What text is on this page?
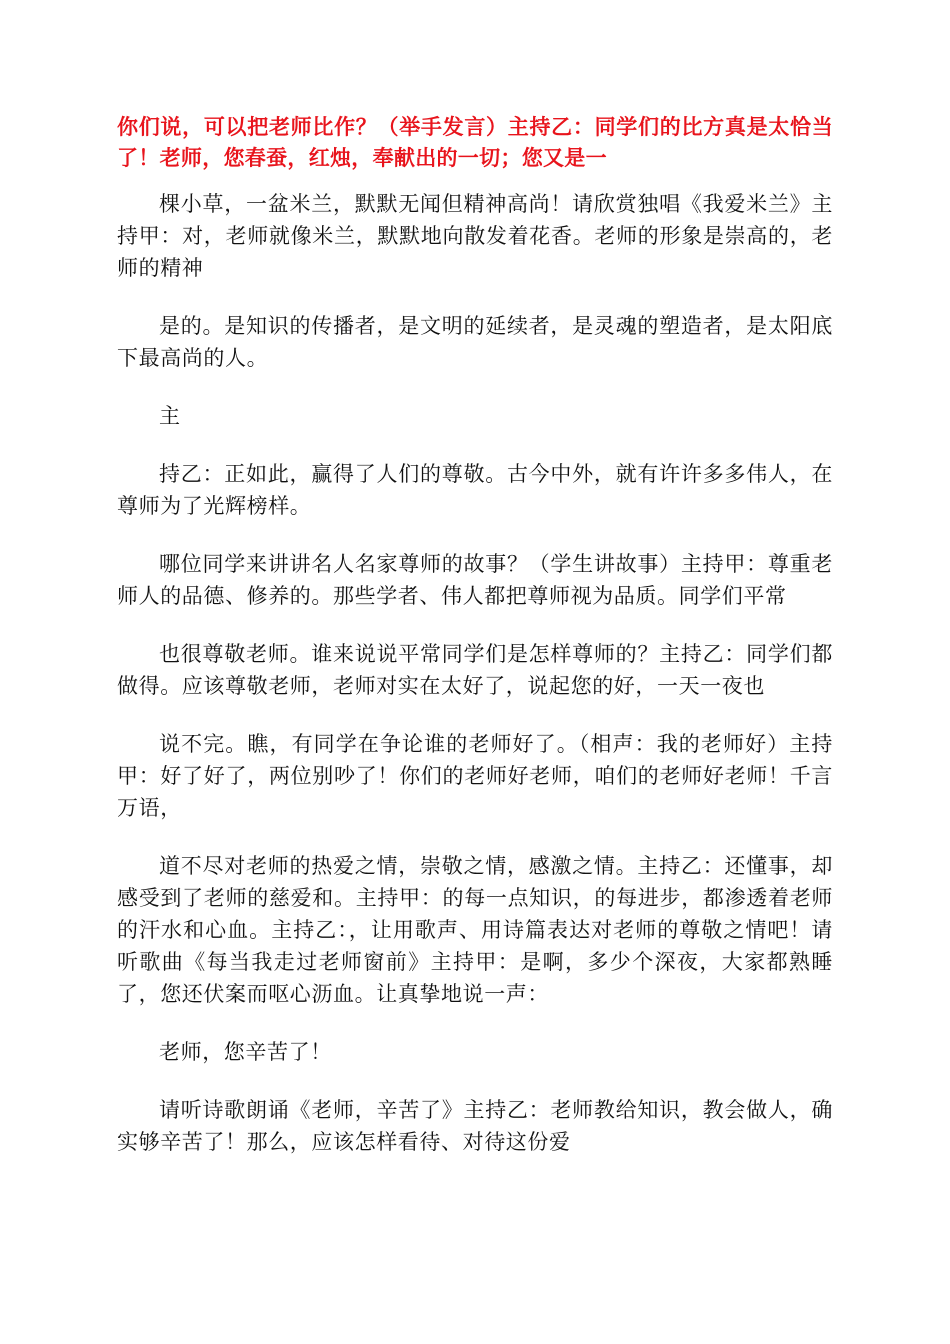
你们说，可以把老师比作？（举手发言）主持乙：同学们的比方真是太恰当了！老师，您春蚕，红烛，奉献出的一切；您又是一

棵小草，一盆米兰，默默无闻但精神高尚！请欣赏独唱《我爱米兰》主持甲：对，老师就像米兰，默默地向散发着花香。老师的形象是崇高的，老师的精神

是的。是知识的传播者，是文明的延续者，是灵魂的塑造者，是太阳底下最高尚的人。

主

持乙：正如此，赢得了人们的尊敬。古今中外，就有许许多多伟人，在尊师为了光辉榜样。

哪位同学来讲讲名人名家尊师的故事？（学生讲故事）主持甲：尊重老师人的品德、修养的。那些学者、伟人都把尊师视为品质。同学们平常

也很尊敬老师。谁来说说平常同学们是怎样尊师的？主持乙：同学们都做得。应该尊敬老师，老师对实在太好了，说起您的好，一天一夜也

说不完。瞧，有同学在争论谁的老师好了。（相声：我的老师好）主持甲：好了好了，两位别吵了！你们的老师好老师，咱们的老师好老师！千言万语，

道不尽对老师的热爱之情，崇敬之情，感激之情。主持乙：还懂事，却感受到了老师的慈爱和。主持甲：的每一点知识，的每进步，都渗透着老师的汗水和心血。主持乙：，让用歌声、用诗篇表达对老师的尊敬之情吧！请听歌曲《每当我走过老师窗前》主持甲：是啊，多少个深夜，大家都熟睡了，您还伏案而呕心沥血。让真挚地说一声：

老师，您辛苦了！

请听诗歌朗诵《老师，辛苦了》主持乙：老师教给知识，教会做人，确实够辛苦了！那么，应该怎样看待、对待这份爱
